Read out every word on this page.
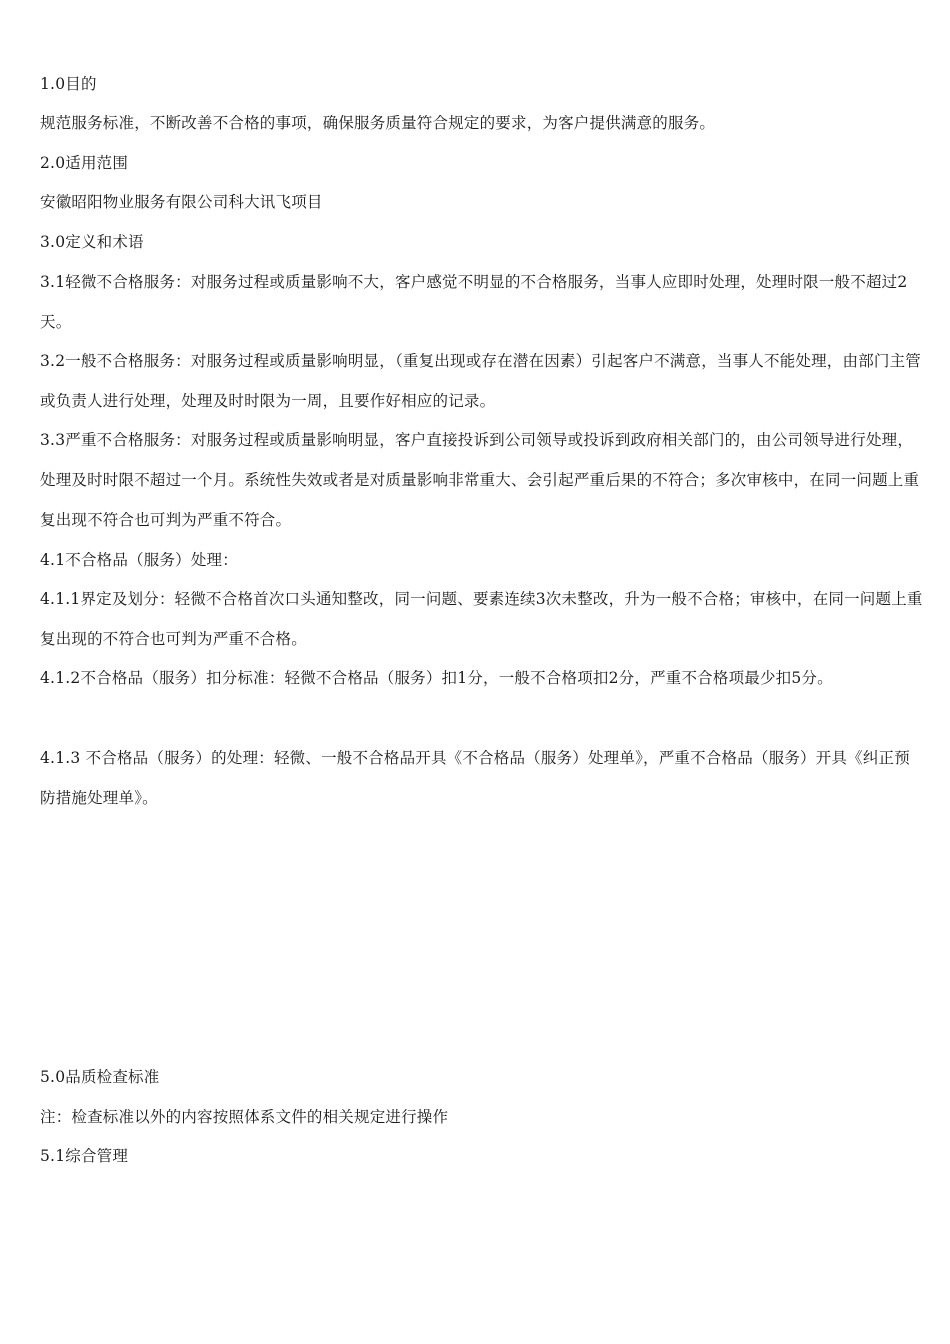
1.0目的

规范服务标准，不断改善不合格的事项，确保服务质量符合规定的要求，为客户提供满意的服务。

2.0适用范围

安徽昭阳物业服务有限公司科大讯飞项目

3.0定义和术语

3.1轻微不合格服务：对服务过程或质量影响不大，客户感觉不明显的不合格服务，当事人应即时处理，处理时限一般不超过2天。

3.2一般不合格服务：对服务过程或质量影响明显，（重复出现或存在潜在因素）引起客户不满意，当事人不能处理，由部门主管或负责人进行处理，处理及时时限为一周，且要作好相应的记录。

3.3严重不合格服务：对服务过程或质量影响明显，客户直接投诉到公司领导或投诉到政府相关部门的，由公司领导进行处理，处理及时时限不超过一个月。系统性失效或者是对质量影响非常重大、会引起严重后果的不符合；多次审核中，在同一问题上重复出现不符合也可判为严重不符合。

4.1不合格品（服务）处理：

4.1.1界定及划分：轻微不合格首次口头通知整改，同一问题、要素连续3次未整改，升为一般不合格；审核中，在同一问题上重复出现的不符合也可判为严重不合格。

4.1.2不合格品（服务）扣分标准：轻微不合格品（服务）扣1分，一般不合格项扣2分，严重不合格项最少扣5分。

4.1.3 不合格品（服务）的处理：轻微、一般不合格品开具《不合格品（服务）处理单》，严重不合格品（服务）开具《纠正预防措施处理单》。

5.0品质检查标准

注：检查标准以外的内容按照体系文件的相关规定进行操作

5.1综合管理
